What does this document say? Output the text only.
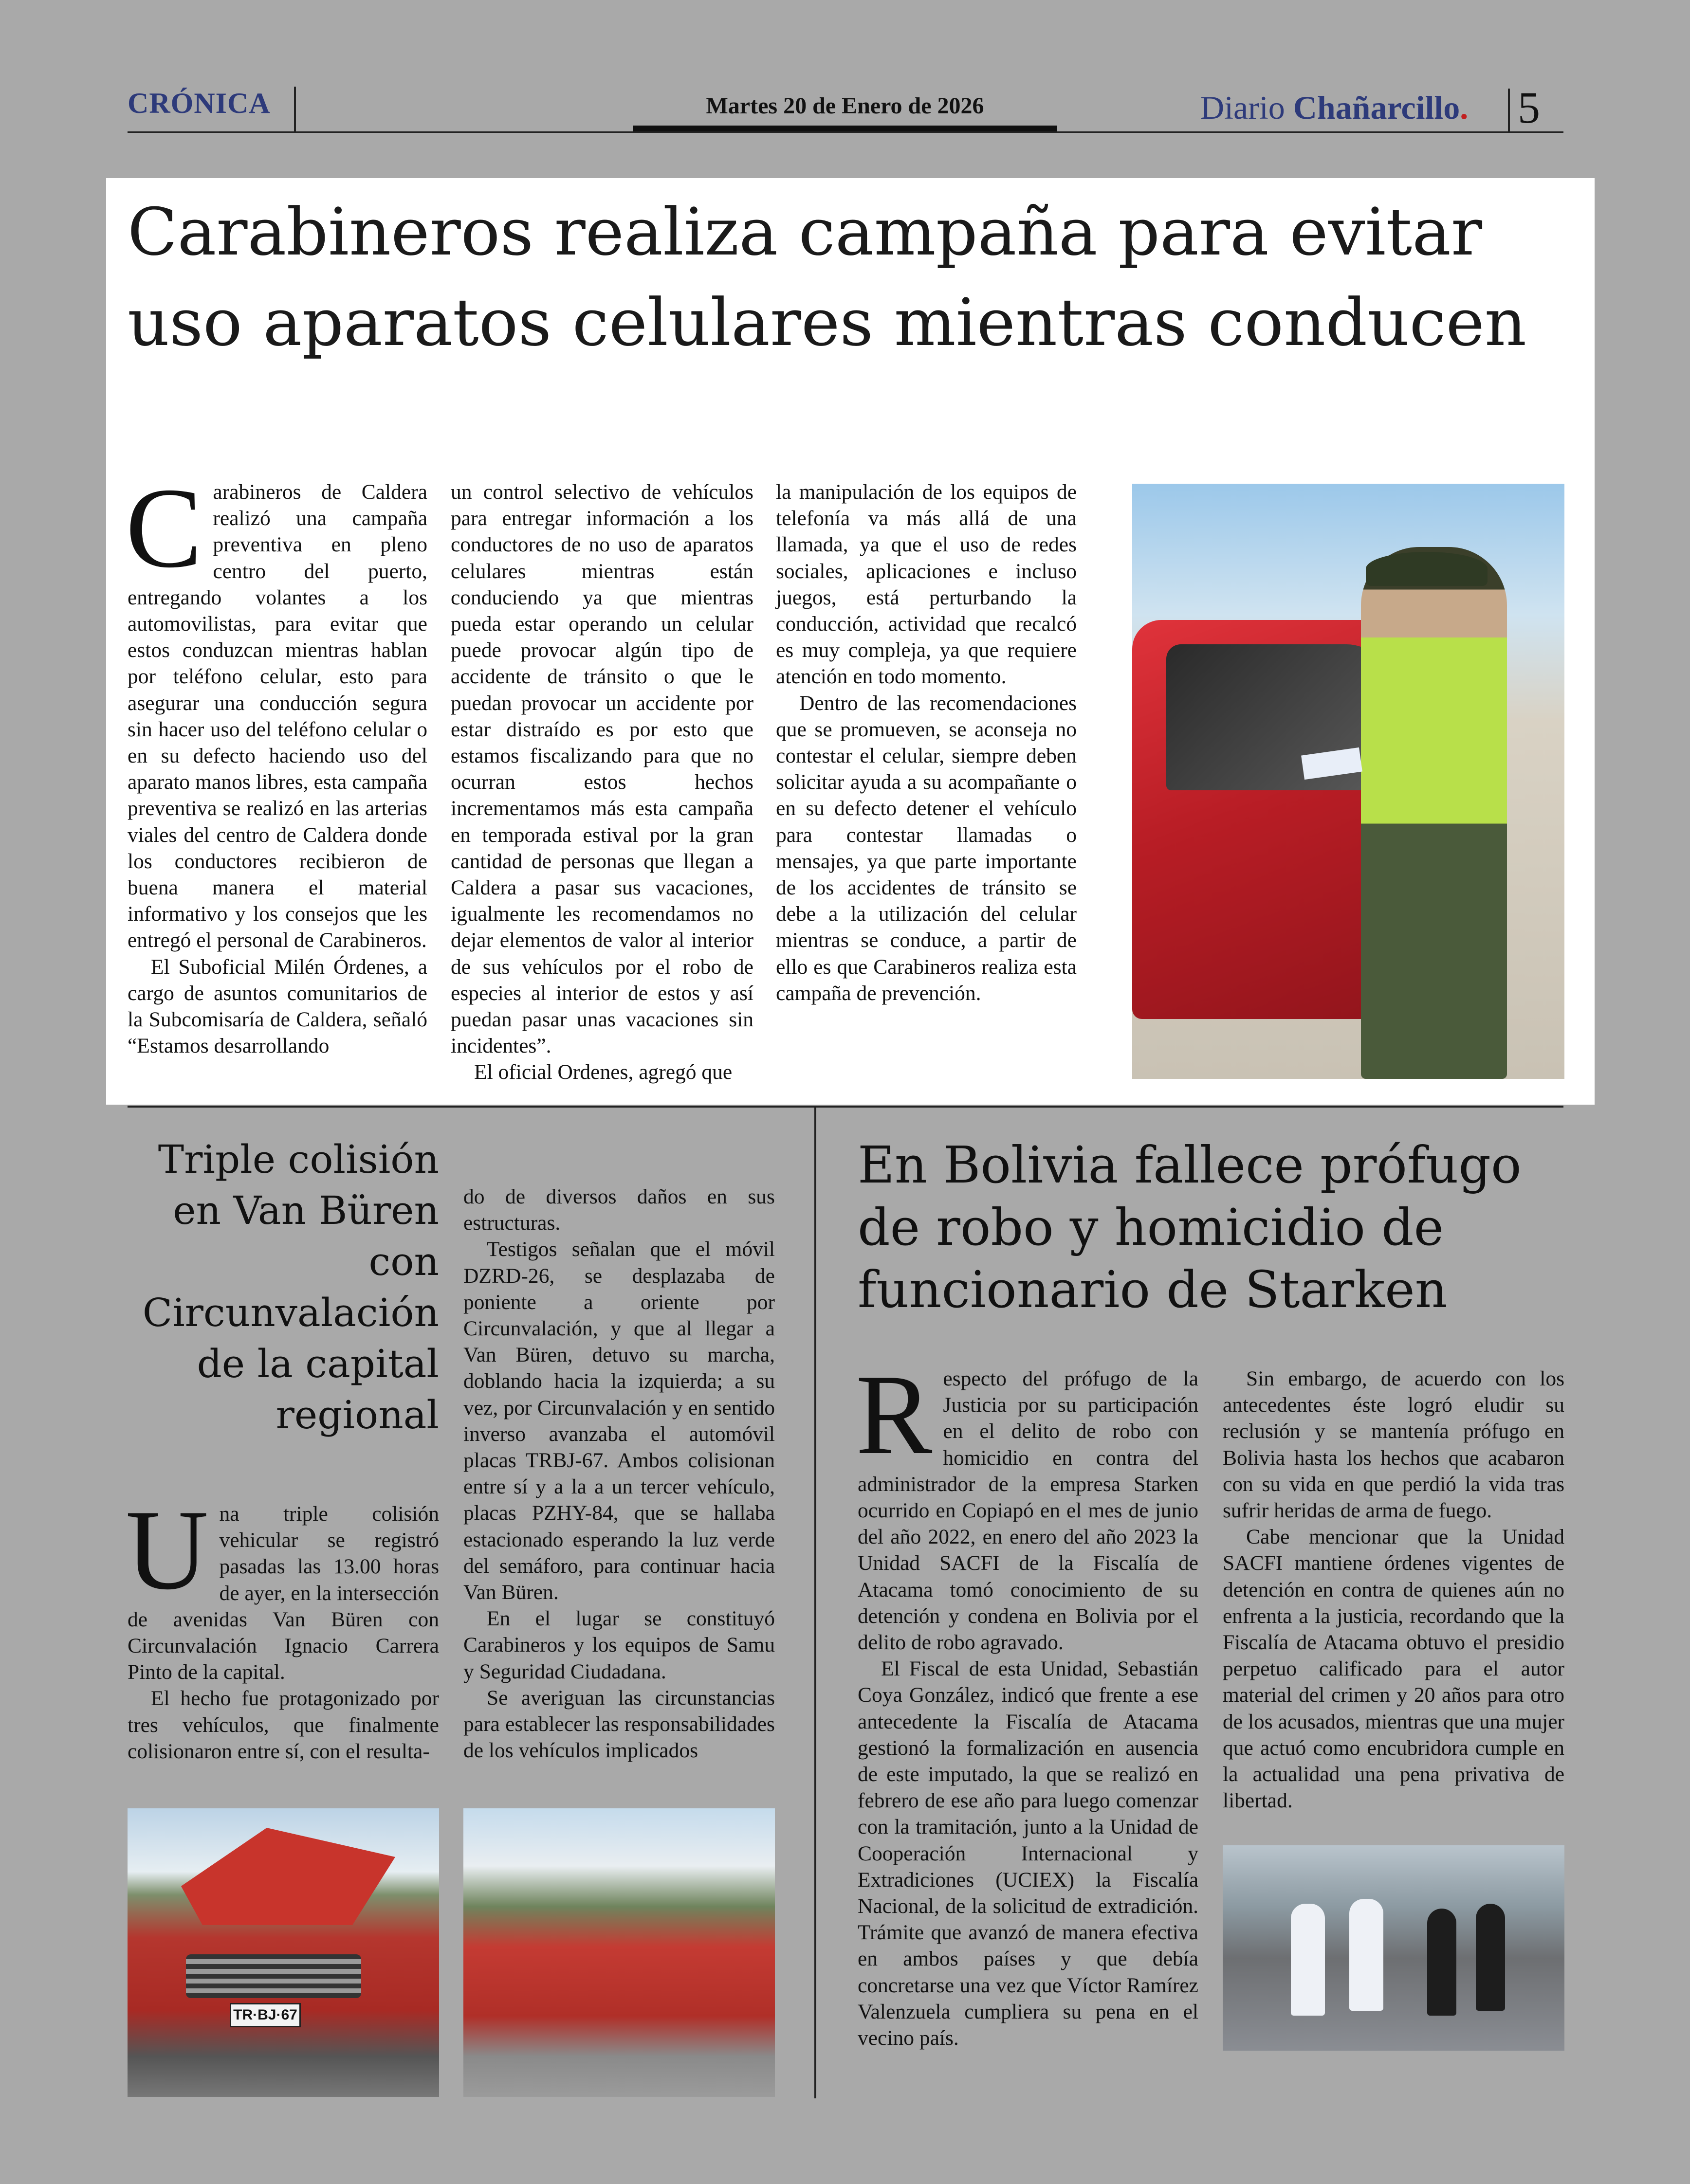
CRÓNICA	Martes 20 de Enero de 2026	Diario Chañarcillo. 5
Carabineros realiza campaña para evitar uso aparatos celulares mientras conducen

Carabineros de Caldera realizó una campaña preventiva en pleno centro del puerto, entregando volantes a los automovilistas, para evitar que estos conduzcan mientras hablan por teléfono celular, esto para asegurar una conducción segura sin hacer uso del teléfono celular o en su defecto haciendo uso del aparato manos libres, esta campaña preventiva se realizó en las arterias viales del centro de Caldera donde los conductores recibieron de buena manera el material informativo y los consejos que les entregó el personal de Carabineros.

El Suboficial Milén Órdenes, a cargo de asuntos comunitarios de la Subcomisaría de Caldera, señaló “Estamos desarrollando

un control selectivo de vehículos para entregar información a los conductores de no uso de aparatos celulares mientras están conduciendo ya que mientras pueda estar operando un celular puede provocar algún tipo de accidente de tránsito o que le puedan provocar un accidente por estar distraído es por esto que estamos fiscalizando para que no ocurran estos hechos incrementamos más esta campaña en temporada estival por la gran cantidad de personas que llegan a Caldera a pasar sus vacaciones, igualmente les recomendamos no dejar elementos de valor al interior de sus vehículos por el robo de especies al interior de estos y así puedan pasar unas vacaciones sin incidentes”.

El oficial Ordenes, agregó que

la manipulación de los equipos de telefonía va más allá de una llamada, ya que el uso de redes sociales, aplicaciones e incluso juegos, está perturbando la conducción, actividad que recalcó es muy compleja, ya que requiere atención en todo momento.

Dentro de las recomendaciones que se promueven, se aconseja no contestar el celular, siempre deben solicitar ayuda a su acompañante o en su defecto detener el vehículo para contestar llamadas o mensajes, ya que parte importante de los accidentes de tránsito se debe a la utilización del celular mientras se conduce, a partir de ello es que Carabineros realiza esta campaña de prevención.

Triple colisión en Van Büren con Circunvalación de la capital regional

Una triple colisión vehicular se registró pasadas las 13.00 horas de ayer, en la intersección de avenidas Van Büren con Circunvalación Ignacio Carrera Pinto de la capital.

El hecho fue protagonizado por tres vehículos, que finalmente colisionaron entre sí, con el resulta-

do de diversos daños en sus estructuras.

Testigos señalan que el móvil DZRD-26, se desplazaba de poniente a oriente por Circunvalación, y que al llegar a Van Büren, detuvo su marcha, doblando hacia la izquierda; a su vez, por Circunvalación y en sentido inverso avanzaba el automóvil placas TRBJ-67. Ambos colisionan entre sí y a la a un tercer vehículo, placas PZHY-84, que se hallaba estacionado esperando la luz verde del semáforo, para continuar hacia Van Büren.

En el lugar se constituyó Carabineros y los equipos de Samu y Seguridad Ciudadana.

Se averiguan las circunstancias para establecer las responsabilidades de los vehículos implicados

TR·BJ·67
En Bolivia fallece prófugo de robo y homicidio de funcionario de Starken

Respecto del prófugo de la Justicia por su participación en el delito de robo con homicidio en contra del administrador de la empresa Starken ocurrido en Copiapó en el mes de junio del año 2022, en enero del año 2023 la Unidad SACFI de la Fiscalía de Atacama tomó conocimiento de su detención y condena en Bolivia por el delito de robo agravado.

El Fiscal de esta Unidad, Sebastián Coya González, indicó que frente a ese antecedente la Fiscalía de Atacama gestionó la formalización en ausencia de este imputado, la que se realizó en febrero de ese año para luego comenzar con la tramitación, junto a la Unidad de Cooperación Internacional y Extradiciones (UCIEX) la Fiscalía Nacional, de la solicitud de extradición. Trámite que avanzó de manera efectiva en ambos países y que debía concretarse una vez que Víctor Ramírez Valenzuela cumpliera su pena en el vecino país.

Sin embargo, de acuerdo con los antecedentes éste logró eludir su reclusión y se mantenía prófugo en Bolivia hasta los hechos que acabaron con su vida en que perdió la vida tras sufrir heridas de arma de fuego.

Cabe mencionar que la Unidad SACFI mantiene órdenes vigentes de detención en contra de quienes aún no enfrenta a la justicia, recordando que la Fiscalía de Atacama obtuvo el presidio perpetuo calificado para el autor material del crimen y 20 años para otro de los acusados, mientras que una mujer que actuó como encubridora cumple en la actualidad una pena privativa de libertad.
